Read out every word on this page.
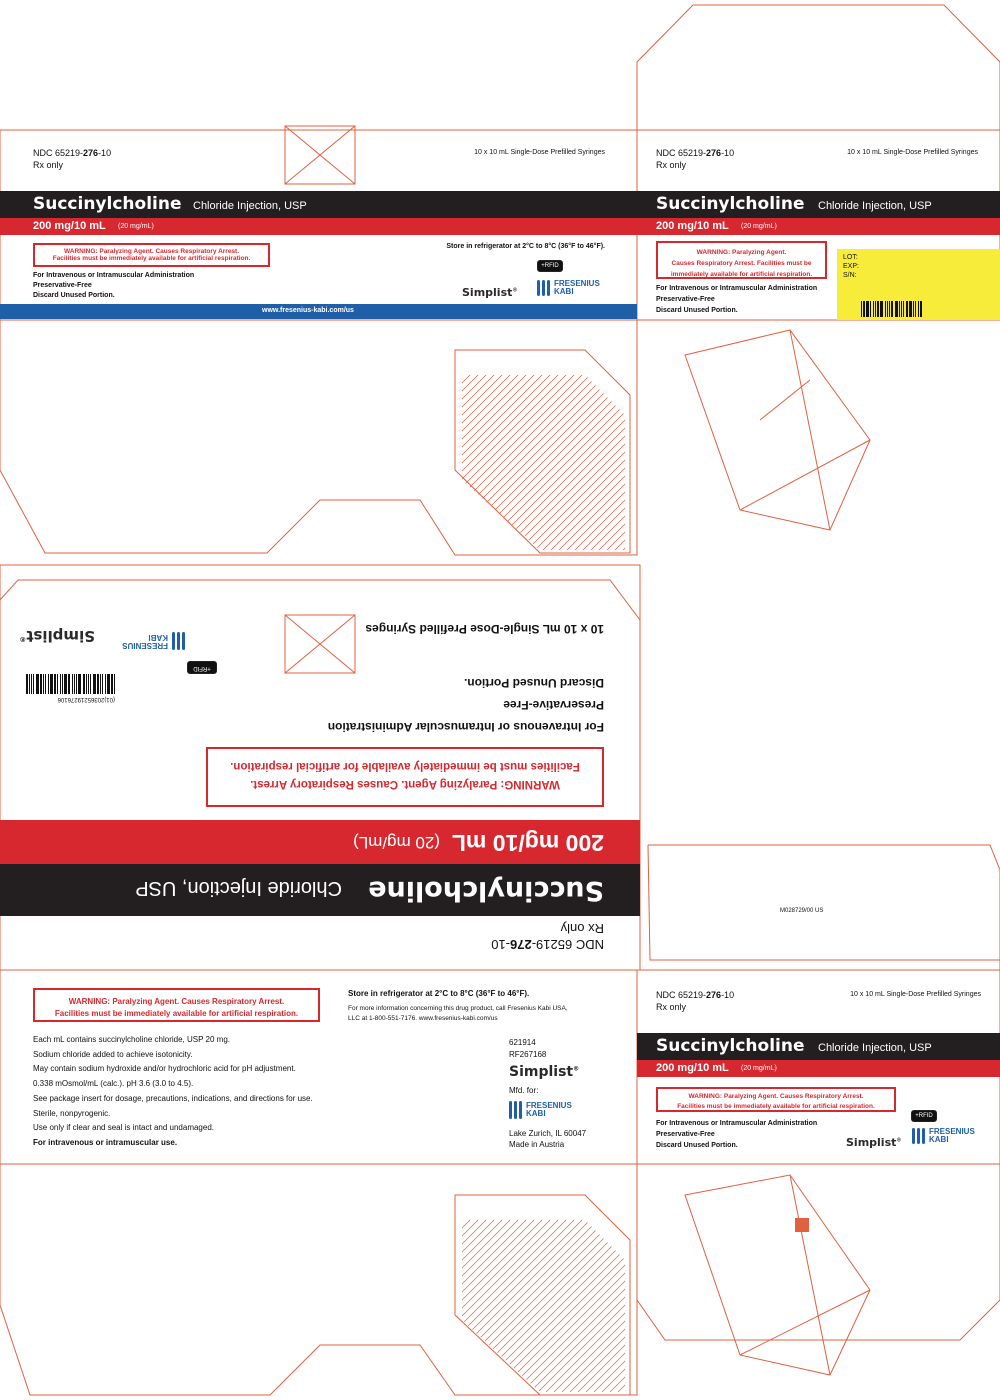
NDC 65219-276-10
Rx only
10 x 10 mL Single-Dose Prefilled Syringes
Succinylcholine Chloride Injection, USP
200 mg/10 mL (20 mg/mL)
WARNING: Paralyzing Agent. Causes Respiratory Arrest.
Facilities must be immediately available for artificial respiration.
For Intravenous or Intramuscular Administration
Preservative-Free
Discard Unused Portion.
Store in refrigerator at 2°C to 8°C (36°F to 46°F).
+RFID
Simplist®
FRESENIUS
KABI
www.fresenius-kabi.com/us
NDC 65219-276-10
Rx only
10 x 10 mL Single-Dose Prefilled Syringes
Succinylcholine Chloride Injection, USP
200 mg/10 mL (20 mg/mL)
WARNING: Paralyzing Agent.
Causes Respiratory Arrest. Facilities must be
immediately available for artificial respiration.
For Intravenous or Intramuscular Administration
Preservative-Free
Discard Unused Portion.
LOT:
EXP:
S/N:
NDC 65219-276-10
Rx only
Succinylcholine
Chloride Injection, USP
200 mg/10 mL
(20 mg/mL)
WARNING: Paralyzing Agent. Causes Respiratory Arrest.
Facilities must be immediately available for artificial respiration.
For Intravenous or Intramuscular Administration
Preservative-Free
Discard Unused Portion.
10 x 10 mL Single-Dose Prefilled Syringes
+RFID
FRESENIUS
KABI
Simplist®
(01)20365219276106
M028729/00 US
WARNING: Paralyzing Agent. Causes Respiratory Arrest.
Facilities must be immediately available for artificial respiration.
Store in refrigerator at 2°C to 8°C (36°F to 46°F).
For more information concerning this drug product, call Fresenius Kabi USA,
LLC at 1-800-551-7176. www.fresenius-kabi.com/us
Each mL contains succinylcholine chloride, USP 20 mg.
Sodium chloride added to achieve isotonicity.
May contain sodium hydroxide and/or hydrochloric acid for pH adjustment.
0.338 mOsmol/mL (calc.). pH 3.6 (3.0 to 4.5).
See package insert for dosage, precautions, indications, and directions for use.
Sterile, nonpyrogenic.
Use only if clear and seal is intact and undamaged.
For intravenous or intramuscular use.
621914
RF267168
Simplist®
Mfd. for:
FRESENIUS
KABI
Lake Zurich, IL 60047
Made in Austria
NDC 65219-276-10
Rx only
10 x 10 mL Single-Dose Prefilled Syringes
Succinylcholine Chloride Injection, USP
200 mg/10 mL (20 mg/mL)
WARNING: Paralyzing Agent. Causes Respiratory Arrest.
Facilities must be immediately available for artificial respiration.
For Intravenous or Intramuscular Administration
Preservative-Free
Discard Unused Portion.
+RFID
Simplist®
FRESENIUS
KABI
